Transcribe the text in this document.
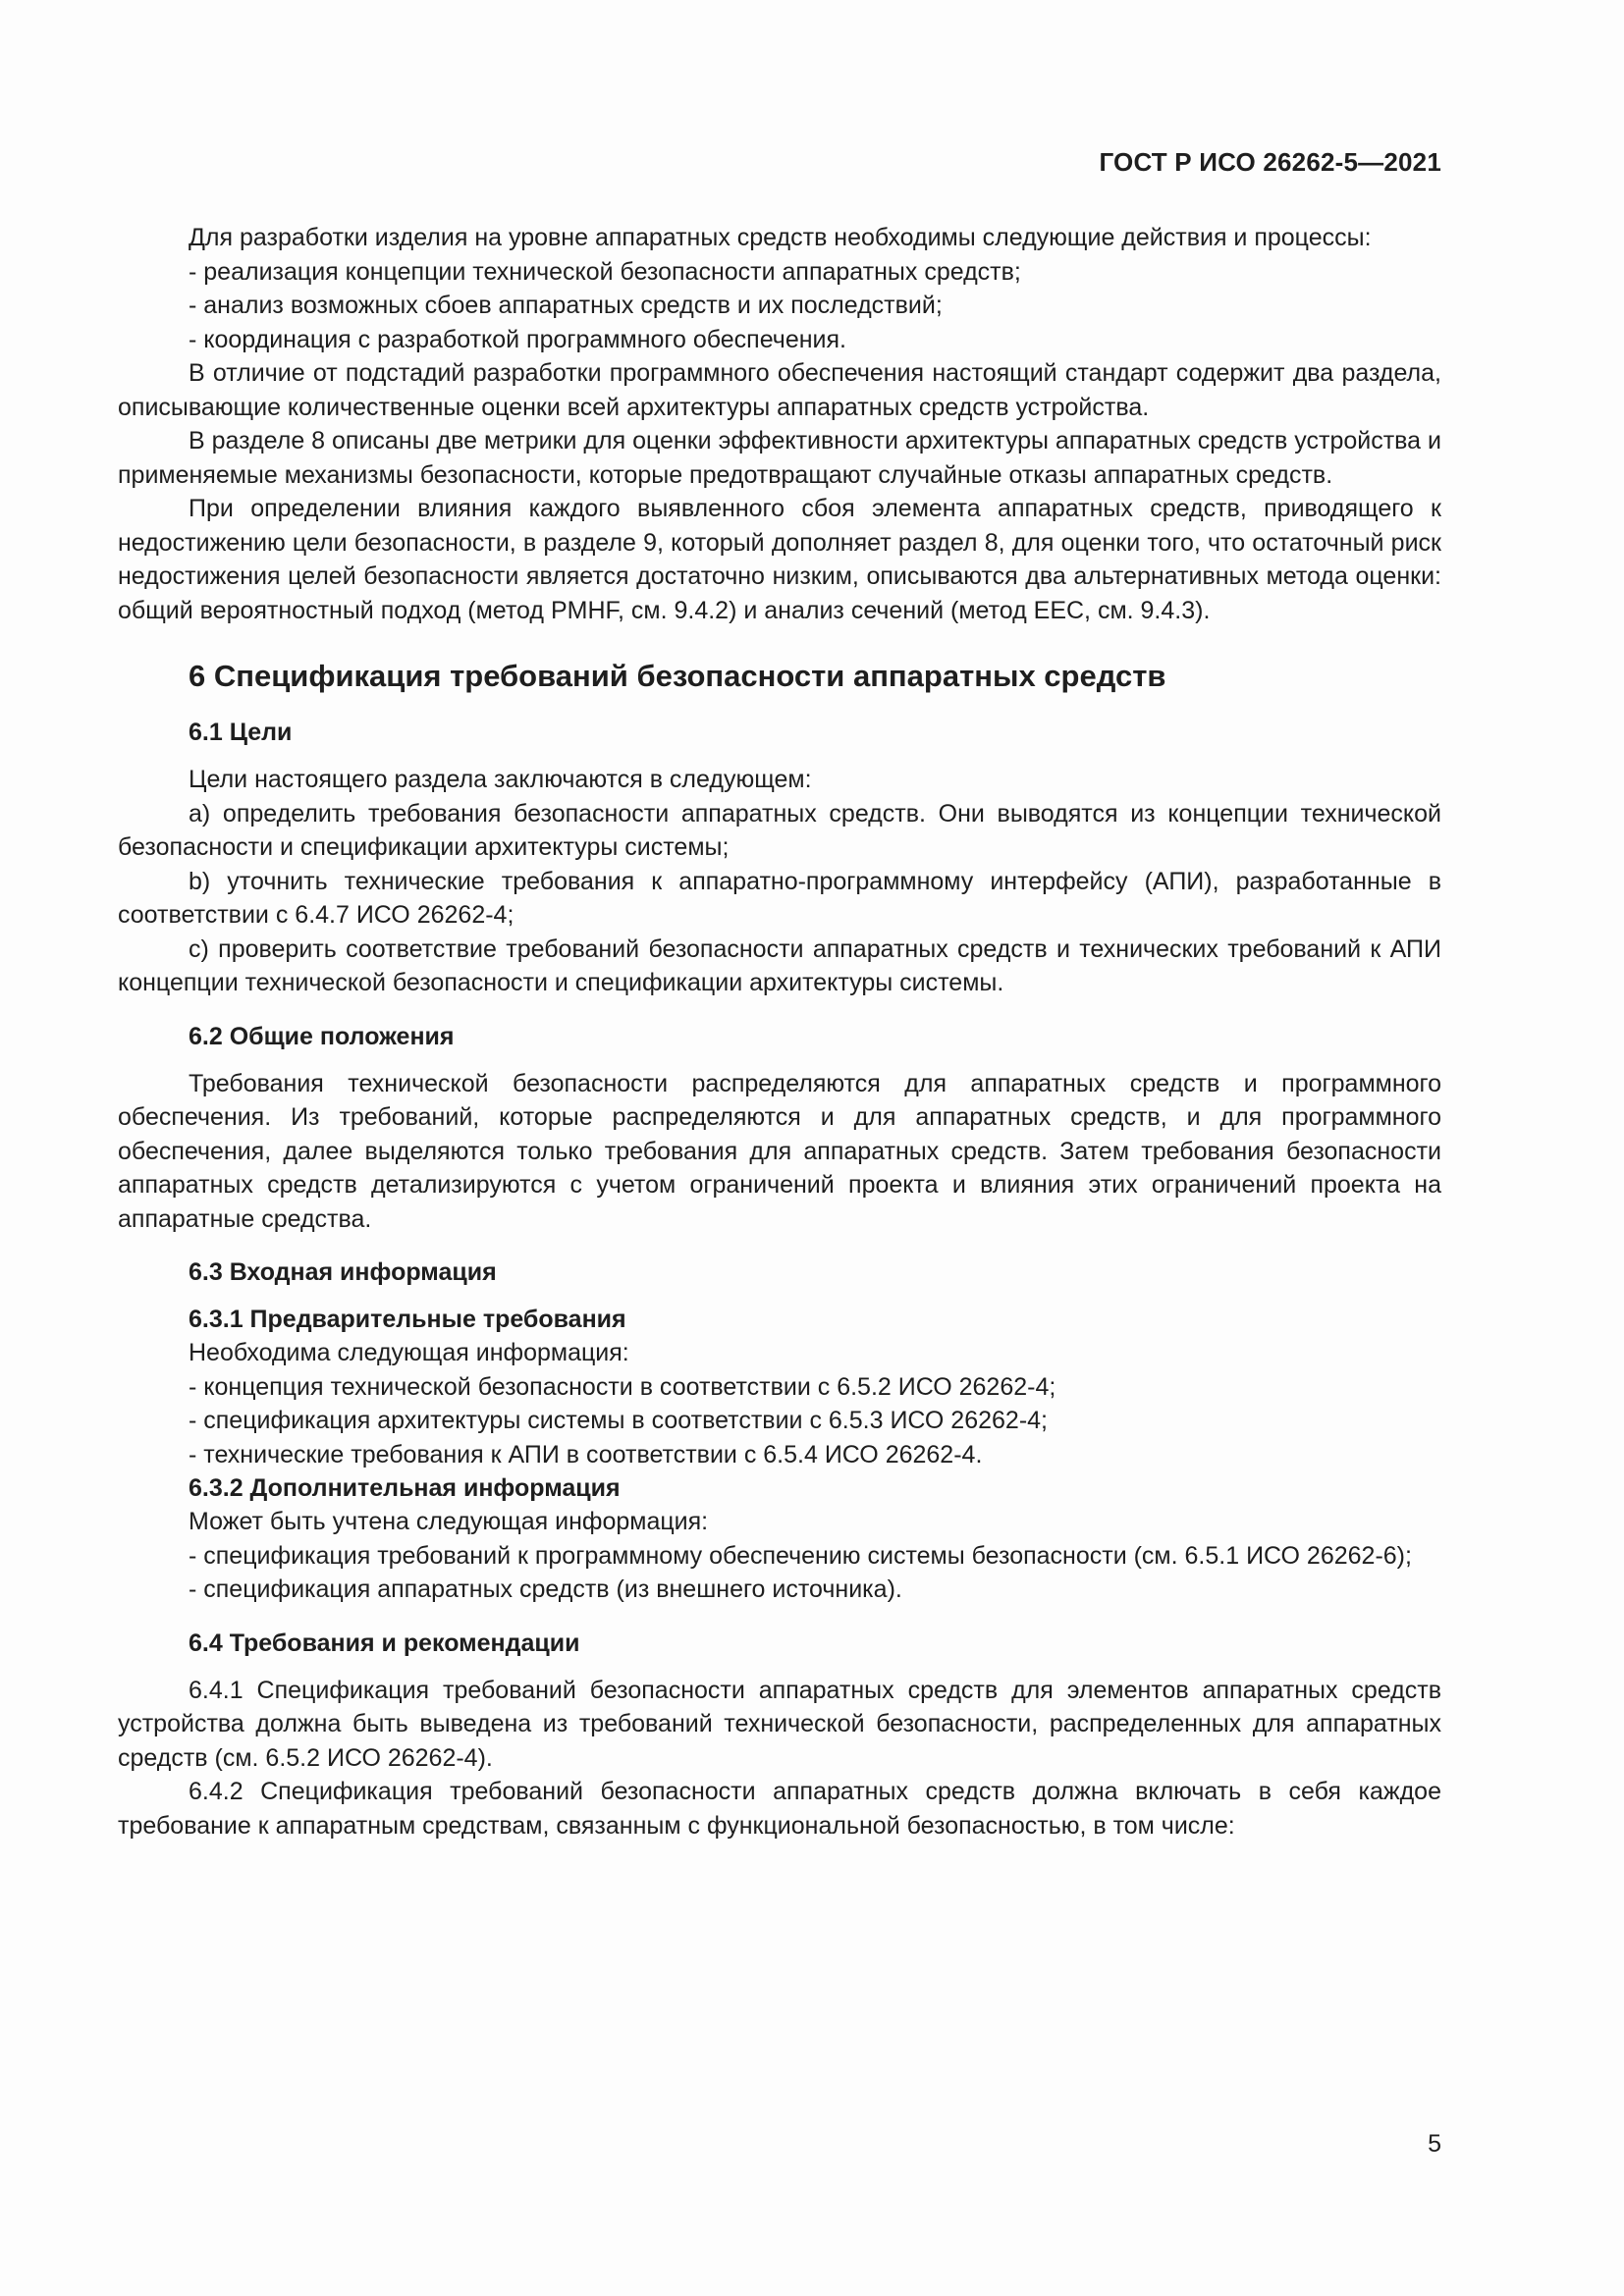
ГОСТ Р ИСО 26262-5—2021

Для разработки изделия на уровне аппаратных средств необходимы следующие действия и процессы:

- реализация концепции технической безопасности аппаратных средств;
- анализ возможных сбоев аппаратных средств и их последствий;
- координация с разработкой программного обеспечения.

В отличие от подстадий разработки программного обеспечения настоящий стандарт содержит два раздела, описывающие количественные оценки всей архитектуры аппаратных средств устройства.

В разделе 8 описаны две метрики для оценки эффективности архитектуры аппаратных средств устройства и применяемые механизмы безопасности, которые предотвращают случайные отказы аппаратных средств.

При определении влияния каждого выявленного сбоя элемента аппаратных средств, приводящего к недостижению цели безопасности, в разделе 9, который дополняет раздел 8, для оценки того, что остаточный риск недостижения целей безопасности является достаточно низким, описываются два альтернативных метода оценки: общий вероятностный подход (метод PMHF, см. 9.4.2) и анализ сечений (метод ЕЕС, см. 9.4.3).

6 Спецификация требований безопасности аппаратных средств
6.1 Цели

Цели настоящего раздела заключаются в следующем:

a) определить требования безопасности аппаратных средств. Они выводятся из концепции технической безопасности и спецификации архитектуры системы;

b) уточнить технические требования к аппаратно-программному интерфейсу (АПИ), разработанные в соответствии с 6.4.7 ИСО 26262-4;

c) проверить соответствие требований безопасности аппаратных средств и технических требований к АПИ концепции технической безопасности и спецификации архитектуры системы.

6.2 Общие положения

Требования технической безопасности распределяются для аппаратных средств и программного обеспечения. Из требований, которые распределяются и для аппаратных средств, и для программного обеспечения, далее выделяются только требования для аппаратных средств. Затем требования безопасности аппаратных средств детализируются с учетом ограничений проекта и влияния этих ограничений проекта на аппаратные средства.

6.3 Входная информация
6.3.1 Предварительные требования
Необходима следующая информация:
- концепция технической безопасности в соответствии с 6.5.2 ИСО 26262-4;
- спецификация архитектуры системы в соответствии с 6.5.3 ИСО 26262-4;
- технические требования к АПИ в соответствии с 6.5.4 ИСО 26262-4.
6.3.2 Дополнительная информация
Может быть учтена следующая информация:
- спецификация требований к программному обеспечению системы безопасности (см. 6.5.1 ИСО 26262-6);
- спецификация аппаратных средств (из внешнего источника).
6.4 Требования и рекомендации

6.4.1 Спецификация требований безопасности аппаратных средств для элементов аппаратных средств устройства должна быть выведена из требований технической безопасности, распределенных для аппаратных средств (см. 6.5.2 ИСО 26262-4).

6.4.2 Спецификация требований безопасности аппаратных средств должна включать в себя каждое требование к аппаратным средствам, связанным с функциональной безопасностью, в том числе:

5
